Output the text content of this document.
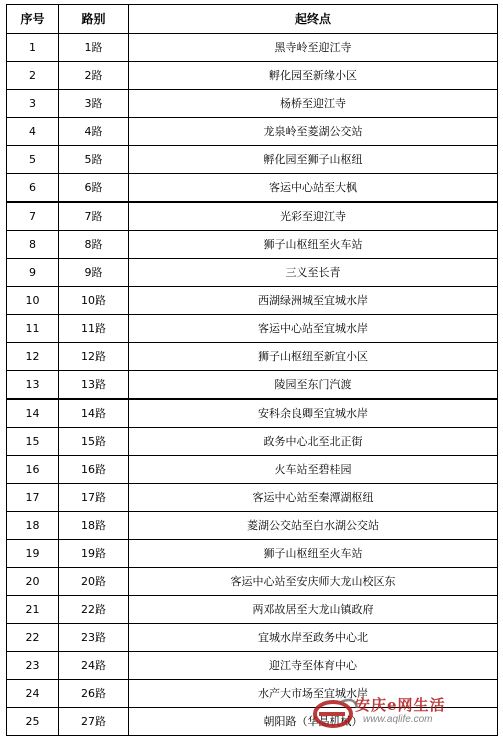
序号	路别	起终点
1	1路	黑寺岭至迎江寺
2	2路	孵化园至新缘小区
3	3路	杨桥至迎江寺
4	4路	龙泉岭至菱湖公交站
5	5路	孵化园至狮子山枢纽
6	6路	客运中心站至大枫
7	7路	光彩至迎江寺
8	8路	狮子山枢纽至火车站
9	9路	三义至长青
10	10路	西湖绿洲城至宜城水岸
11	11路	客运中心站至宜城水岸
12	12路	狮子山枢纽至新宜小区
13	13路	陵园至东门汽渡
14	14路	安科余良卿至宜城水岸
15	15路	政务中心北至北正街
16	16路	火车站至碧桂园
17	17路	客运中心站至秦潭湖枢纽
18	18路	菱湖公交站至白水湖公交站
19	19路	狮子山枢纽至火车站
20	20路	客运中心站至安庆师大龙山校区东
21	22路	两邓故居至大龙山镇政府
22	23路	宜城水岸至政务中心北
23	24路	迎江寺至体育中心
24	26路	水产大市场至宜城水岸
25	27路	朝阳路（华晶机械）
安庆e网生活
www.aqlife.com
